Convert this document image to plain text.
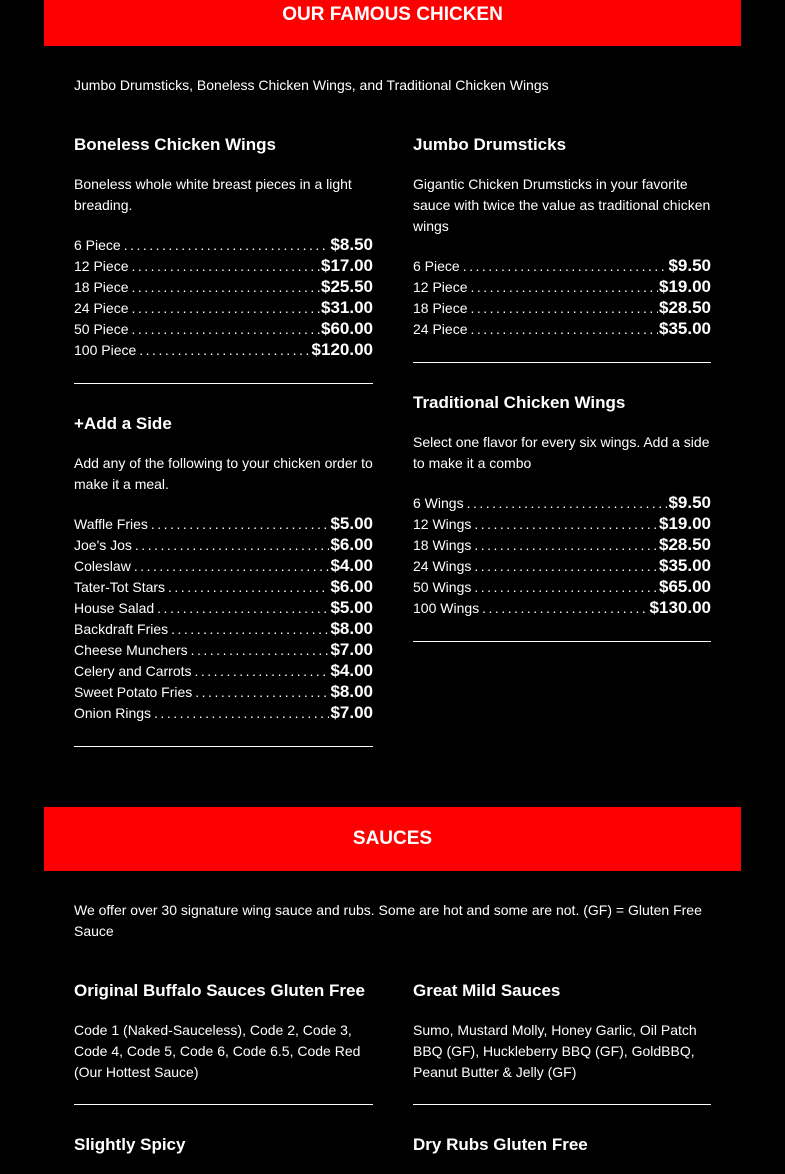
OUR FAMOUS CHICKEN
Jumbo Drumsticks, Boneless Chicken Wings, and Traditional Chicken Wings
Boneless Chicken Wings

Boneless whole white breast pieces in a light breading.

6 Piece .....	$8.50
12 Piece .....	$17.00
18 Piece .....	$25.50
24 Piece .....	$31.00
50 Piece .....	$60.00
100 Piece .....	$120.00
+Add a Side

Add any of the following to your chicken order to make it a meal.

Waffle Fries .....	$5.00
Joe's Jos .....	$6.00
Coleslaw .....	$4.00
Tater-Tot Stars .....	$6.00
House Salad .....	$5.00
Backdraft Fries .....	$8.00
Cheese Munchers .....	$7.00
Celery and Carrots .....	$4.00
Sweet Potato Fries .....	$8.00
Onion Rings .....	$7.00
Jumbo Drumsticks

Gigantic Chicken Drumsticks in your favorite sauce with twice the value as traditional chicken wings

6 Piece .....	$9.50
12 Piece .....	$19.00
18 Piece .....	$28.50
24 Piece .....	$35.00
Traditional Chicken Wings

Select one flavor for every six wings. Add a side to make it a combo

6 Wings .....	$9.50
12 Wings .....	$19.00
18 Wings .....	$28.50
24 Wings .....	$35.00
50 Wings .....	$65.00
100 Wings .....	$130.00
SAUCES
We offer over 30 signature wing sauce and rubs. Some are hot and some are not. (GF) = Gluten Free Sauce
Original Buffalo Sauces Gluten Free

Code 1 (Naked-Sauceless), Code 2, Code 3, Code 4, Code 5, Code 6, Code 6.5, Code Red (Our Hottest Sauce)

Great Mild Sauces

Sumo, Mustard Molly, Honey Garlic, Oil Patch BBQ (GF), Huckleberry BBQ (GF), GoldBBQ, Peanut Butter & Jelly (GF)

Slightly Spicy	Dry Rubs Gluten Free
